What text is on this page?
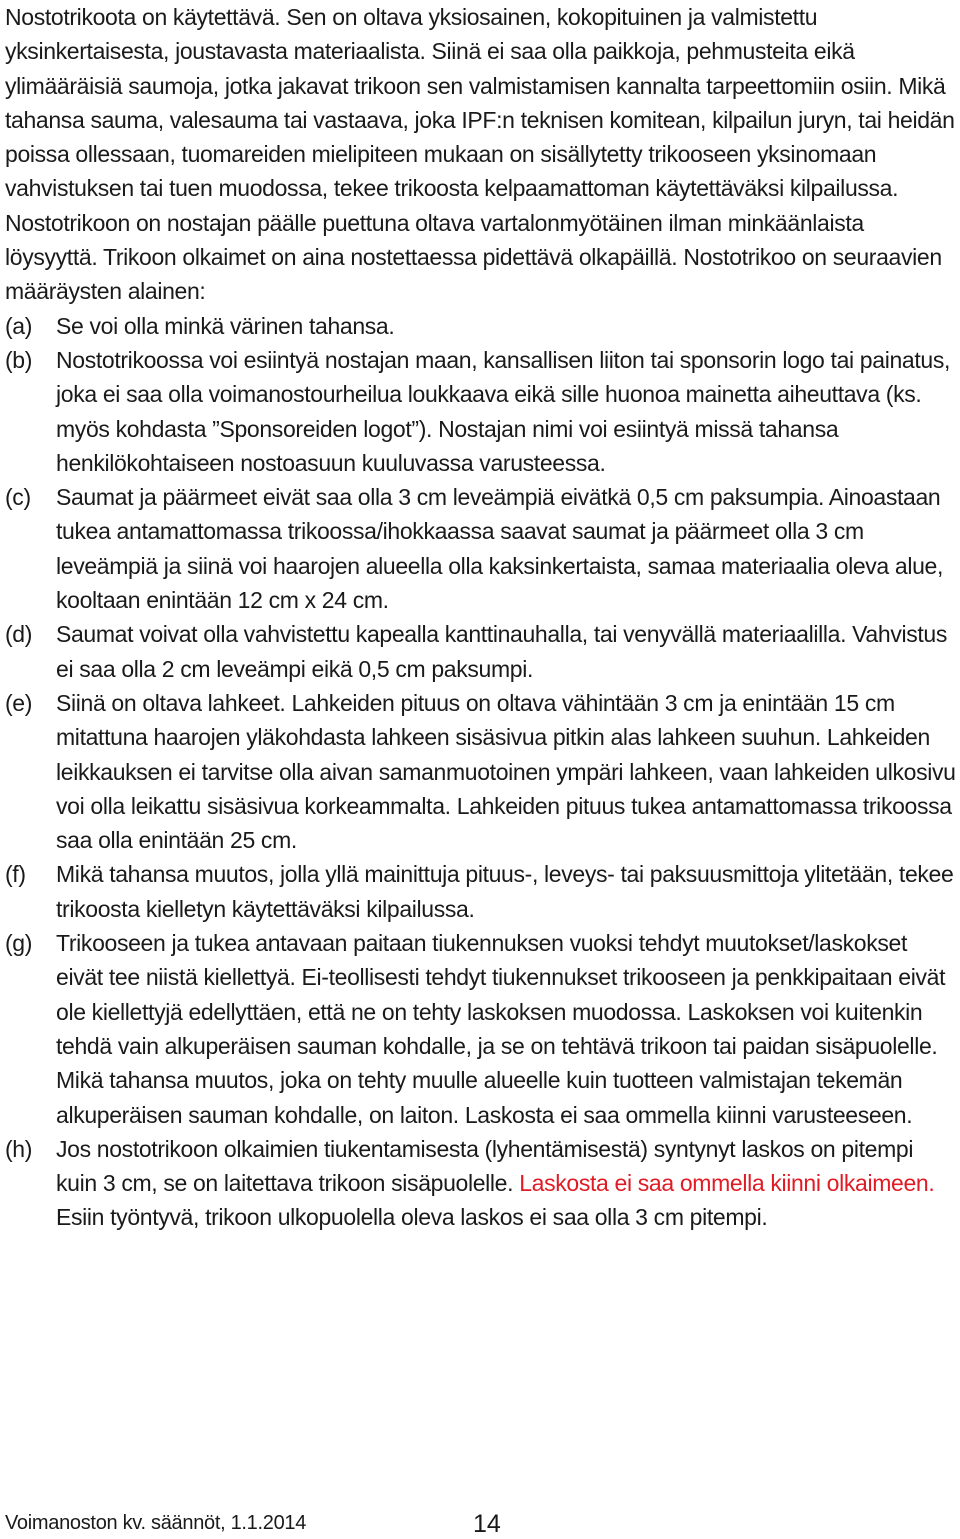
Nostotrikoota on käytettävä. Sen on oltava yksiosainen, kokopituinen ja valmistettu yksinkertaisesta, joustavasta materiaalista. Siinä ei saa olla paikkoja, pehmusteita eikä ylimääräisiä saumoja, jotka jakavat trikoon sen valmistamisen kannalta tarpeettomiin osiin. Mikä tahansa sauma, valesauma tai vastaava, joka IPF:n teknisen komitean, kilpailun juryn, tai heidän poissa ollessaan, tuomareiden mielipiteen mukaan on sisällytetty trikooseen yksinomaan vahvistuksen tai tuen muodossa, tekee trikoosta kelpaamattoman käytettäväksi kilpailussa.

Nostotrikoon on nostajan päälle puettuna oltava vartalonmyötäinen ilman minkäänlaista löysyyttä. Trikoon olkaimet on aina nostettaessa pidettävä olkapäillä. Nostotrikoo on seuraavien määräysten alainen:

(a)	Se voi olla minkä värinen tahansa.
(b)	Nostotrikoossa voi esiintyä nostajan maan, kansallisen liiton tai sponsorin logo tai painatus, joka ei saa olla voimanostourheilua loukkaava eikä sille huonoa mainetta aiheuttava (ks. myös kohdasta ”Sponsoreiden logot”). Nostajan nimi voi esiintyä missä tahansa henkilökohtaiseen nostoasuun kuuluvassa varusteessa.
(c)	Saumat ja päärmeet eivät saa olla 3 cm leveämpiä eivätkä 0,5 cm paksumpia. Ainoastaan tukea antamattomassa trikoossa/ihokkaassa saavat saumat ja päärmeet olla 3 cm leveämpiä ja siinä voi haarojen alueella olla kaksinkertaista, samaa materiaalia oleva alue, kooltaan enintään 12 cm x 24 cm.
(d)	Saumat voivat olla vahvistettu kapealla kanttinauhalla, tai venyvällä materiaalilla. Vahvistus ei saa olla 2 cm leveämpi eikä 0,5 cm paksumpi.
(e)	Siinä on oltava lahkeet. Lahkeiden pituus on oltava vähintään 3 cm ja enintään 15 cm mitattuna haarojen yläkohdasta lahkeen sisäsivua pitkin alas lahkeen suuhun. Lahkeiden leikkauksen ei tarvitse olla aivan samanmuotoinen ympäri lahkeen, vaan lahkeiden ulkosivu voi olla leikattu sisäsivua korkeammalta. Lahkeiden pituus tukea antamattomassa trikoossa saa olla enintään 25 cm.
(f)	Mikä tahansa muutos, jolla yllä mainittuja pituus-, leveys- tai paksuusmittoja ylitetään, tekee trikoosta kielletyn käytettäväksi kilpailussa.
(g)	Trikooseen ja tukea antavaan paitaan tiukennuksen vuoksi tehdyt muutokset/laskokset eivät tee niistä kiellettyä. Ei-teollisesti tehdyt tiukennukset trikooseen ja penkkipaitaan eivät ole kiellettyjä edellyttäen, että ne on tehty laskoksen muodossa. Laskoksen voi kuitenkin tehdä vain alkuperäisen sauman kohdalle, ja se on tehtävä trikoon tai paidan sisäpuolelle. Mikä tahansa muutos, joka on tehty muulle alueelle kuin tuotteen valmistajan tekemän alkuperäisen sauman kohdalle, on laiton. Laskosta ei saa ommella kiinni varusteeseen.
(h)	Jos nostotrikoon olkaimien tiukentamisesta (lyhentämisestä) syntynyt laskos on pitempi kuin 3 cm, se on laitettava trikoon sisäpuolelle. Laskosta ei saa ommella kiinni olkaimeen. Esiin työntyvä, trikoon ulkopuolella oleva laskos ei saa olla 3 cm pitempi.
Voimanoston kv. säännöt, 1.1.2014	14
